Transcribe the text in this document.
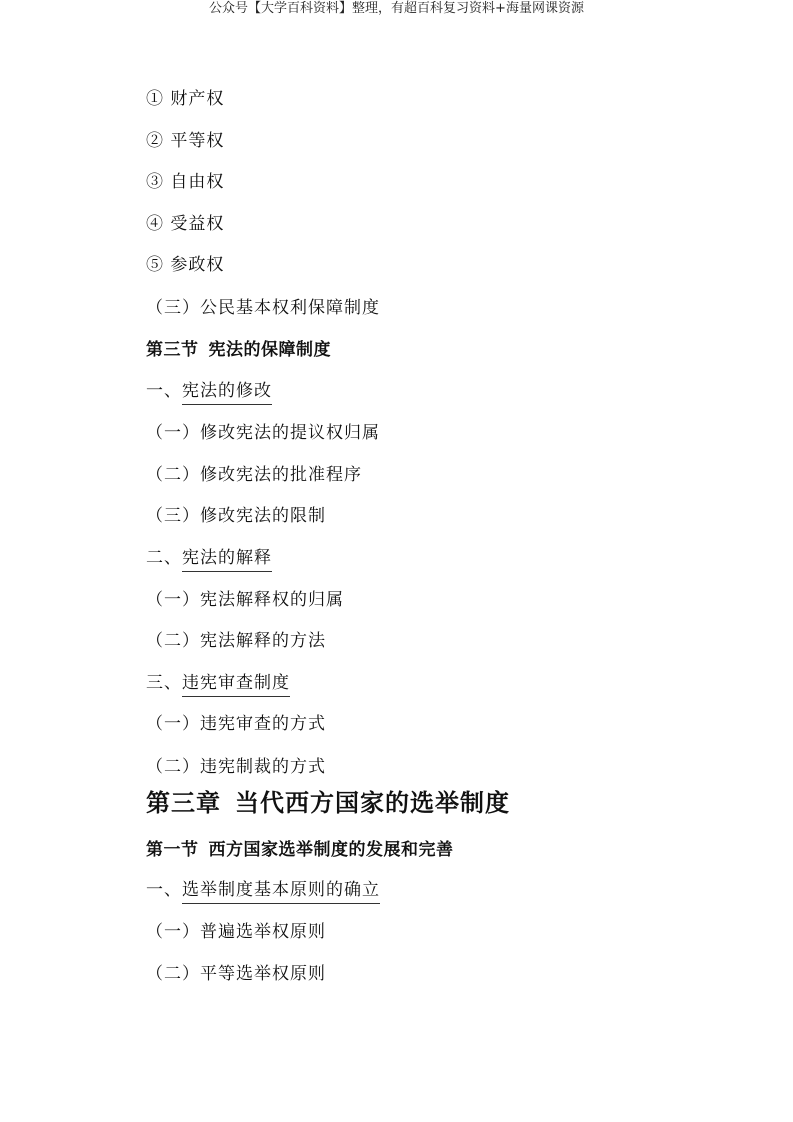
公众号【大学百科资料】整理，有超百科复习资料+海量网课资源
① 财产权
② 平等权
③ 自由权
④ 受益权
⑤ 参政权
（三）公民基本权利保障制度
第三节 宪法的保障制度
一、宪法的修改
（一）修改宪法的提议权归属
（二）修改宪法的批准程序
（三）修改宪法的限制
二、宪法的解释
（一）宪法解释权的归属
（二）宪法解释的方法
三、违宪审查制度
（一）违宪审查的方式
（二）违宪制裁的方式
第三章 当代西方国家的选举制度
第一节 西方国家选举制度的发展和完善
一、选举制度基本原则的确立
（一）普遍选举权原则
（二）平等选举权原则
